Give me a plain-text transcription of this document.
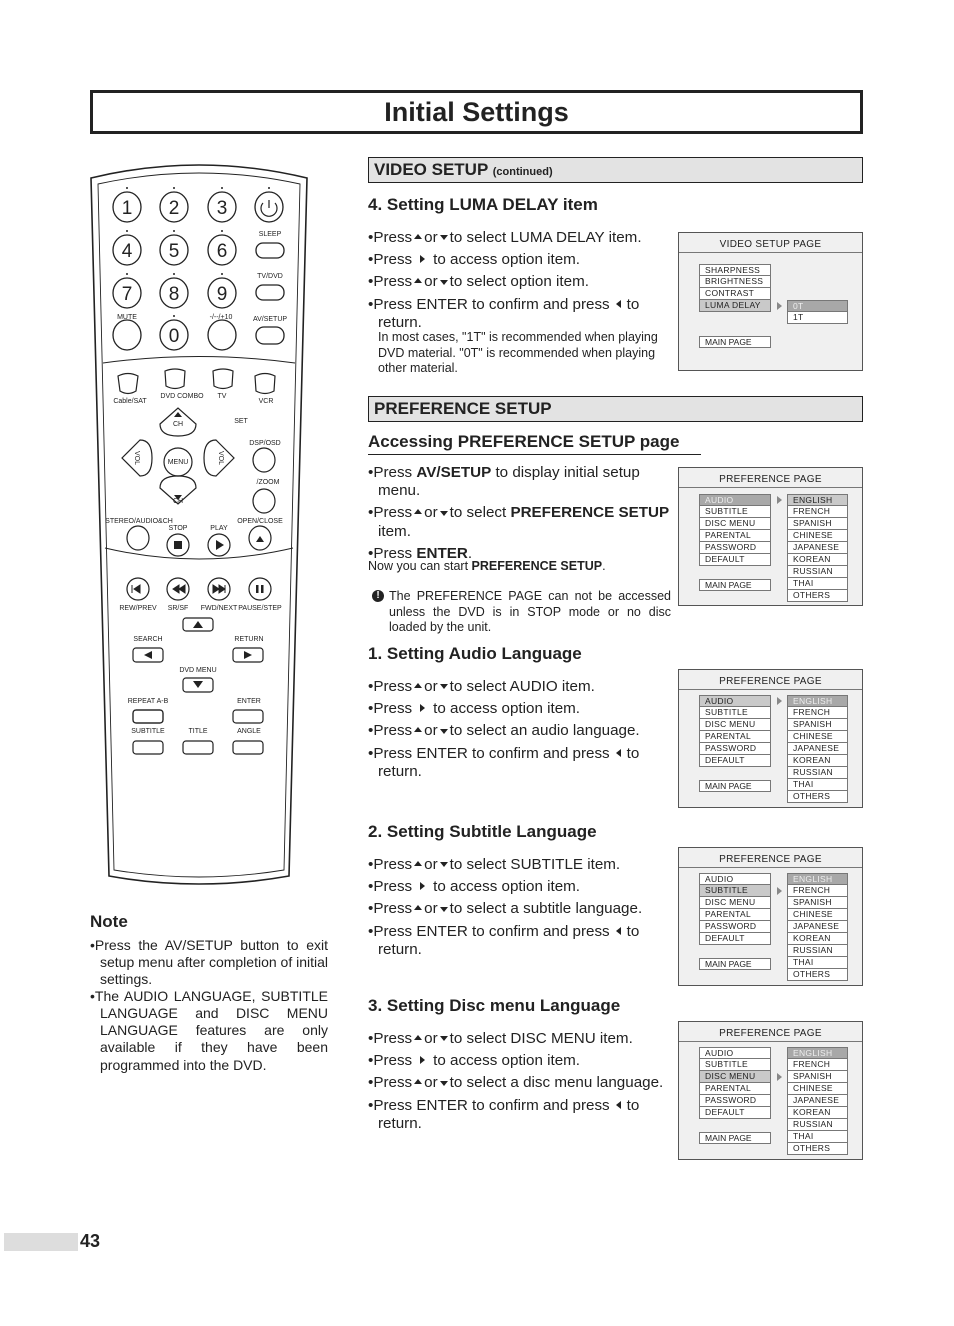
Initial Settings
1 2 3
4 5 6
7 8 9
0
SLEEP
TV/DVD
MUTE	-/--/+10	AV/SETUP
Cable/SAT
DVD COMBO TV
VCR
CH
CH
SET
MENU
VOL	VOL
DSP/OSD
/ZOOM
OPEN/CLOSE
STEREO/AUDIO&CH
STOP	PLAY
REW/PREV SR/SF FWD/NEXT PAUSE/STEP
SEARCH	RETURN
DVD MENU
REPEAT A-B	ENTER
SUBTITLE	TITLE	ANGLE
Note
•Press the AV/SETUP button to exit setup menu after completion of initial settings.
•The AUDIO LANGUAGE, SUBTITLE LANGUAGE and DISC MENU LANGUAGE features are only available if they have been programmed into the DVD.
VIDEO SETUP (continued)
4. Setting LUMA DELAY item
•Press or to select LUMA DELAY item.
•Press to access option item.
•Press or to select option item.
•Press ENTER to confirm and press to return.
In most cases, "1T" is recommended when playing DVD material. "0T" is recommended when playing other material.
VIDEO SETUP PAGE
SHARPNESS
BRIGHTNESS
CONTRAST
LUMA DELAY	0T
1T
MAIN PAGE
PREFERENCE SETUP
Accessing PREFERENCE SETUP page
•Press AV/SETUP to display initial setup menu.
•Press or to select PREFERENCE SETUP item.
•Press ENTER.
Now you can start PREFERENCE SETUP.
! The PREFERENCE PAGE can not be accessed unless the DVD is in STOP mode or no disc loaded by the unit.
PREFERENCE PAGE
AUDIO
SUBTITLE
DISC MENU
PARENTAL
PASSWORD
DEFAULT
ENGLISH
FRENCH
SPANISH
CHINESE
JAPANESE
KOREAN
RUSSIAN
THAI
OTHERS
MAIN PAGE
1. Setting Audio Language
•Press or to select AUDIO item.
•Press to access option item.
•Press or to select an audio language.
•Press ENTER to confirm and press to return.
PREFERENCE PAGE
AUDIO
SUBTITLE
DISC MENU
PARENTAL
PASSWORD
DEFAULT
ENGLISH
FRENCH
SPANISH
CHINESE
JAPANESE
KOREAN
RUSSIAN
THAI
OTHERS
MAIN PAGE
2. Setting Subtitle Language
•Press or to select SUBTITLE item.
•Press to access option item.
•Press or to select a subtitle language.
•Press ENTER to confirm and press to return.
PREFERENCE PAGE
AUDIO
SUBTITLE
DISC MENU
PARENTAL
PASSWORD
DEFAULT
ENGLISH
FRENCH
SPANISH
CHINESE
JAPANESE
KOREAN
RUSSIAN
THAI
OTHERS
MAIN PAGE
3. Setting Disc menu Language
•Press or to select DISC MENU item.
•Press to access option item.
•Press or to select a disc menu language.
•Press ENTER to confirm and press to return.
PREFERENCE PAGE
AUDIO
SUBTITLE
DISC MENU
PARENTAL
PASSWORD
DEFAULT
ENGLISH
FRENCH
SPANISH
CHINESE
JAPANESE
KOREAN
RUSSIAN
THAI
OTHERS
MAIN PAGE
43
